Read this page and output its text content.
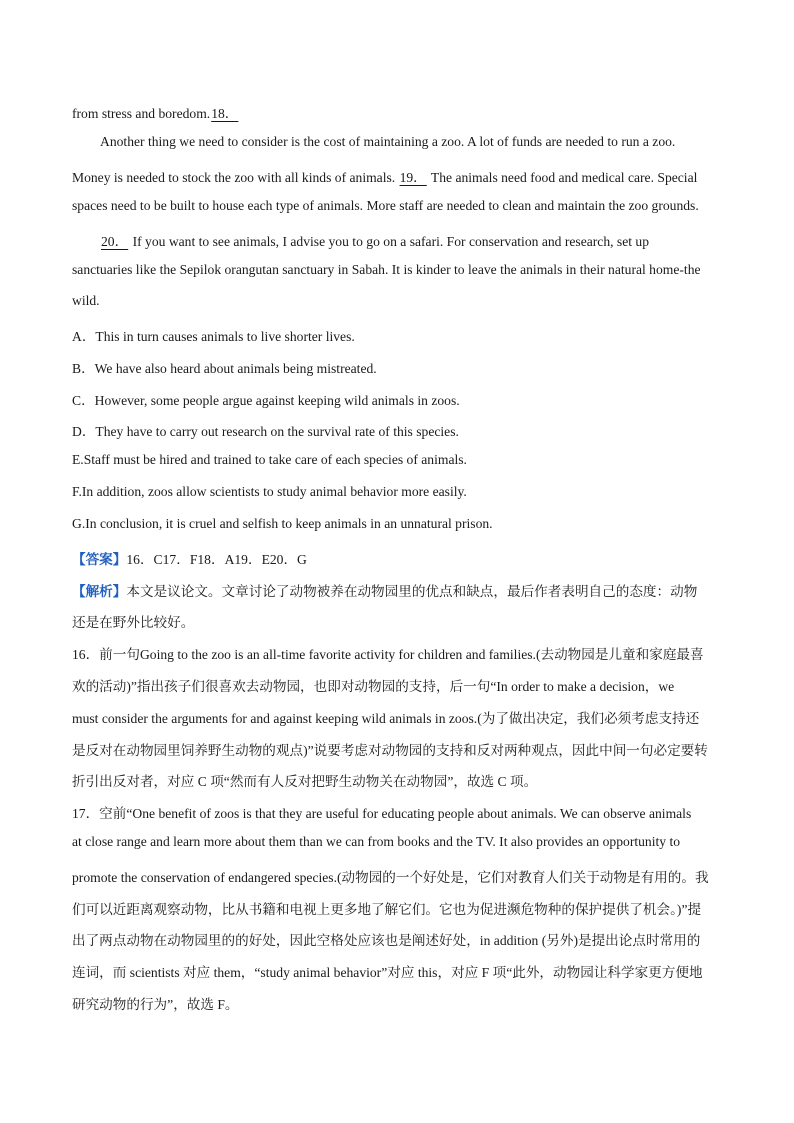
from stress and boredom.18．
Another thing we need to consider is the cost of maintaining a zoo. A lot of funds are needed to run a zoo.
Money is needed to stock the zoo with all kinds of animals. 19． The animals need food and medical care. Special
spaces need to be built to house each type of animals. More staff are needed to clean and maintain the zoo grounds.
20． If you want to see animals, I advise you to go on a safari. For conservation and research, set up
sanctuaries like the Sepilok orangutan sanctuary in Sabah. It is kinder to leave the animals in their natural home-the
wild.
A．This in turn causes animals to live shorter lives.
B．We have also heard about animals being mistreated.
C．However, some people argue against keeping wild animals in zoos.
D．They have to carry out research on the survival rate of this species.
E.Staff must be hired and trained to take care of each species of animals.
F.In addition, zoos allow scientists to study animal behavior more easily.
G.In conclusion, it is cruel and selfish to keep animals in an unnatural prison.
【答案】16．C17．F18．A19．E20．G
【解析】本文是议论文。文章讨论了动物被养在动物园里的优点和缺点，最后作者表明自己的态度：动物
还是在野外比较好。
16．前一句Going to the zoo is an all-time favorite activity for children and families.(去动物园是儿童和家庭最喜
欢的活动)”指出孩子们很喜欢去动物园，也即对动物园的支持，后一句“In order to make a decision，we
must consider the arguments for and against keeping wild animals in zoos.(为了做出决定，我们必须考虑支持还
是反对在动物园里饲养野生动物的观点)”说要考虑对动物园的支持和反对两种观点，因此中间一句必定要转
折引出反对者，对应 C 项“然而有人反对把野生动物关在动物园”，故选 C 项。
17．空前“One benefit of zoos is that they are useful for educating people about animals. We can observe animals
at close range and learn more about them than we can from books and the TV. It also provides an opportunity to
promote the conservation of endangered species.(动物园的一个好处是，它们对教育人们关于动物是有用的。我
们可以近距离观察动物，比从书籍和电视上更多地了解它们。它也为促进濒危物种的保护提供了机会。)”提
出了两点动物在动物园里的的好处，因此空格处应该也是阐述好处，in addition (另外)是提出论点时常用的
连词，而 scientists 对应 them，“study animal behavior”对应 this，对应 F 项“此外，动物园让科学家更方便地
研究动物的行为”，故选 F。
